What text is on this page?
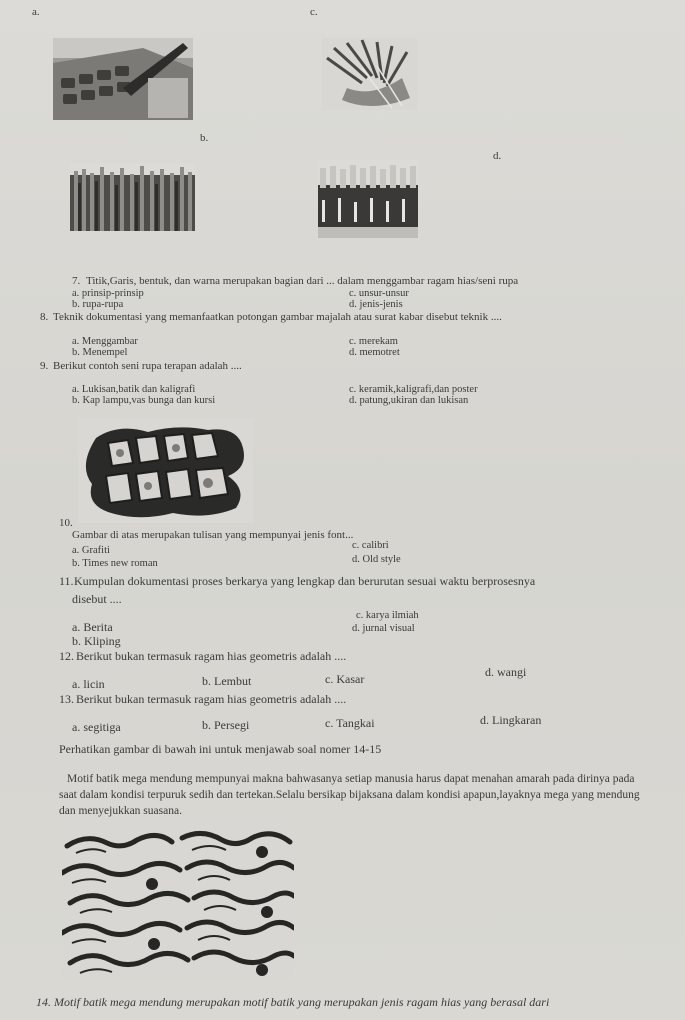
a.	c.
b.
d.
7. Titik,Garis, bentuk, dan warna merupakan bagian dari ... dalam menggambar ragam hias/seni rupa
a. prinsip-prinsip
b. rupa-rupa
c. unsur-unsur
d. jenis-jenis
8. Teknik dokumentasi yang memanfaatkan potongan gambar majalah atau surat kabar disebut teknik ....
a. Menggambar
b. Menempel
c. merekam
d. memotret
9. Berikut contoh seni rupa terapan adalah ....
a. Lukisan,batik dan kaligrafi
b. Kap lampu,vas bunga dan kursi
c. keramik,kaligrafi,dan poster
d. patung,ukiran dan lukisan
10.
Gambar di atas merupakan tulisan yang mempunyai jenis font...
a. Grafiti
b. Times new roman
c. calibri
d. Old style
11. Kumpulan dokumentasi proses berkarya yang lengkap dan berurutan sesuai waktu berprosesnya
disebut ....
a. Berita
b. Kliping
c. karya ilmiah
d. jurnal visual
12. Berikut bukan termasuk ragam hias geometris adalah ....
a. licin	b. Lembut	c. Kasar	d. wangi
13. Berikut bukan termasuk ragam hias geometris adalah ....
a. segitiga	b. Persegi	c. Tangkai	d. Lingkaran
Perhatikan gambar di bawah ini untuk menjawab soal nomer 14-15
Motif batik mega mendung mempunyai makna bahwasanya setiap manusia harus dapat menahan amarah pada dirinya pada saat dalam kondisi terpuruk sedih dan tertekan.Selalu bersikap bijaksana dalam kondisi apapun,layaknya mega yang mendung dan menyejukkan suasana.
14. Motif batik mega mendung merupakan motif batik yang merupakan jenis ragam hias yang berasal dari
